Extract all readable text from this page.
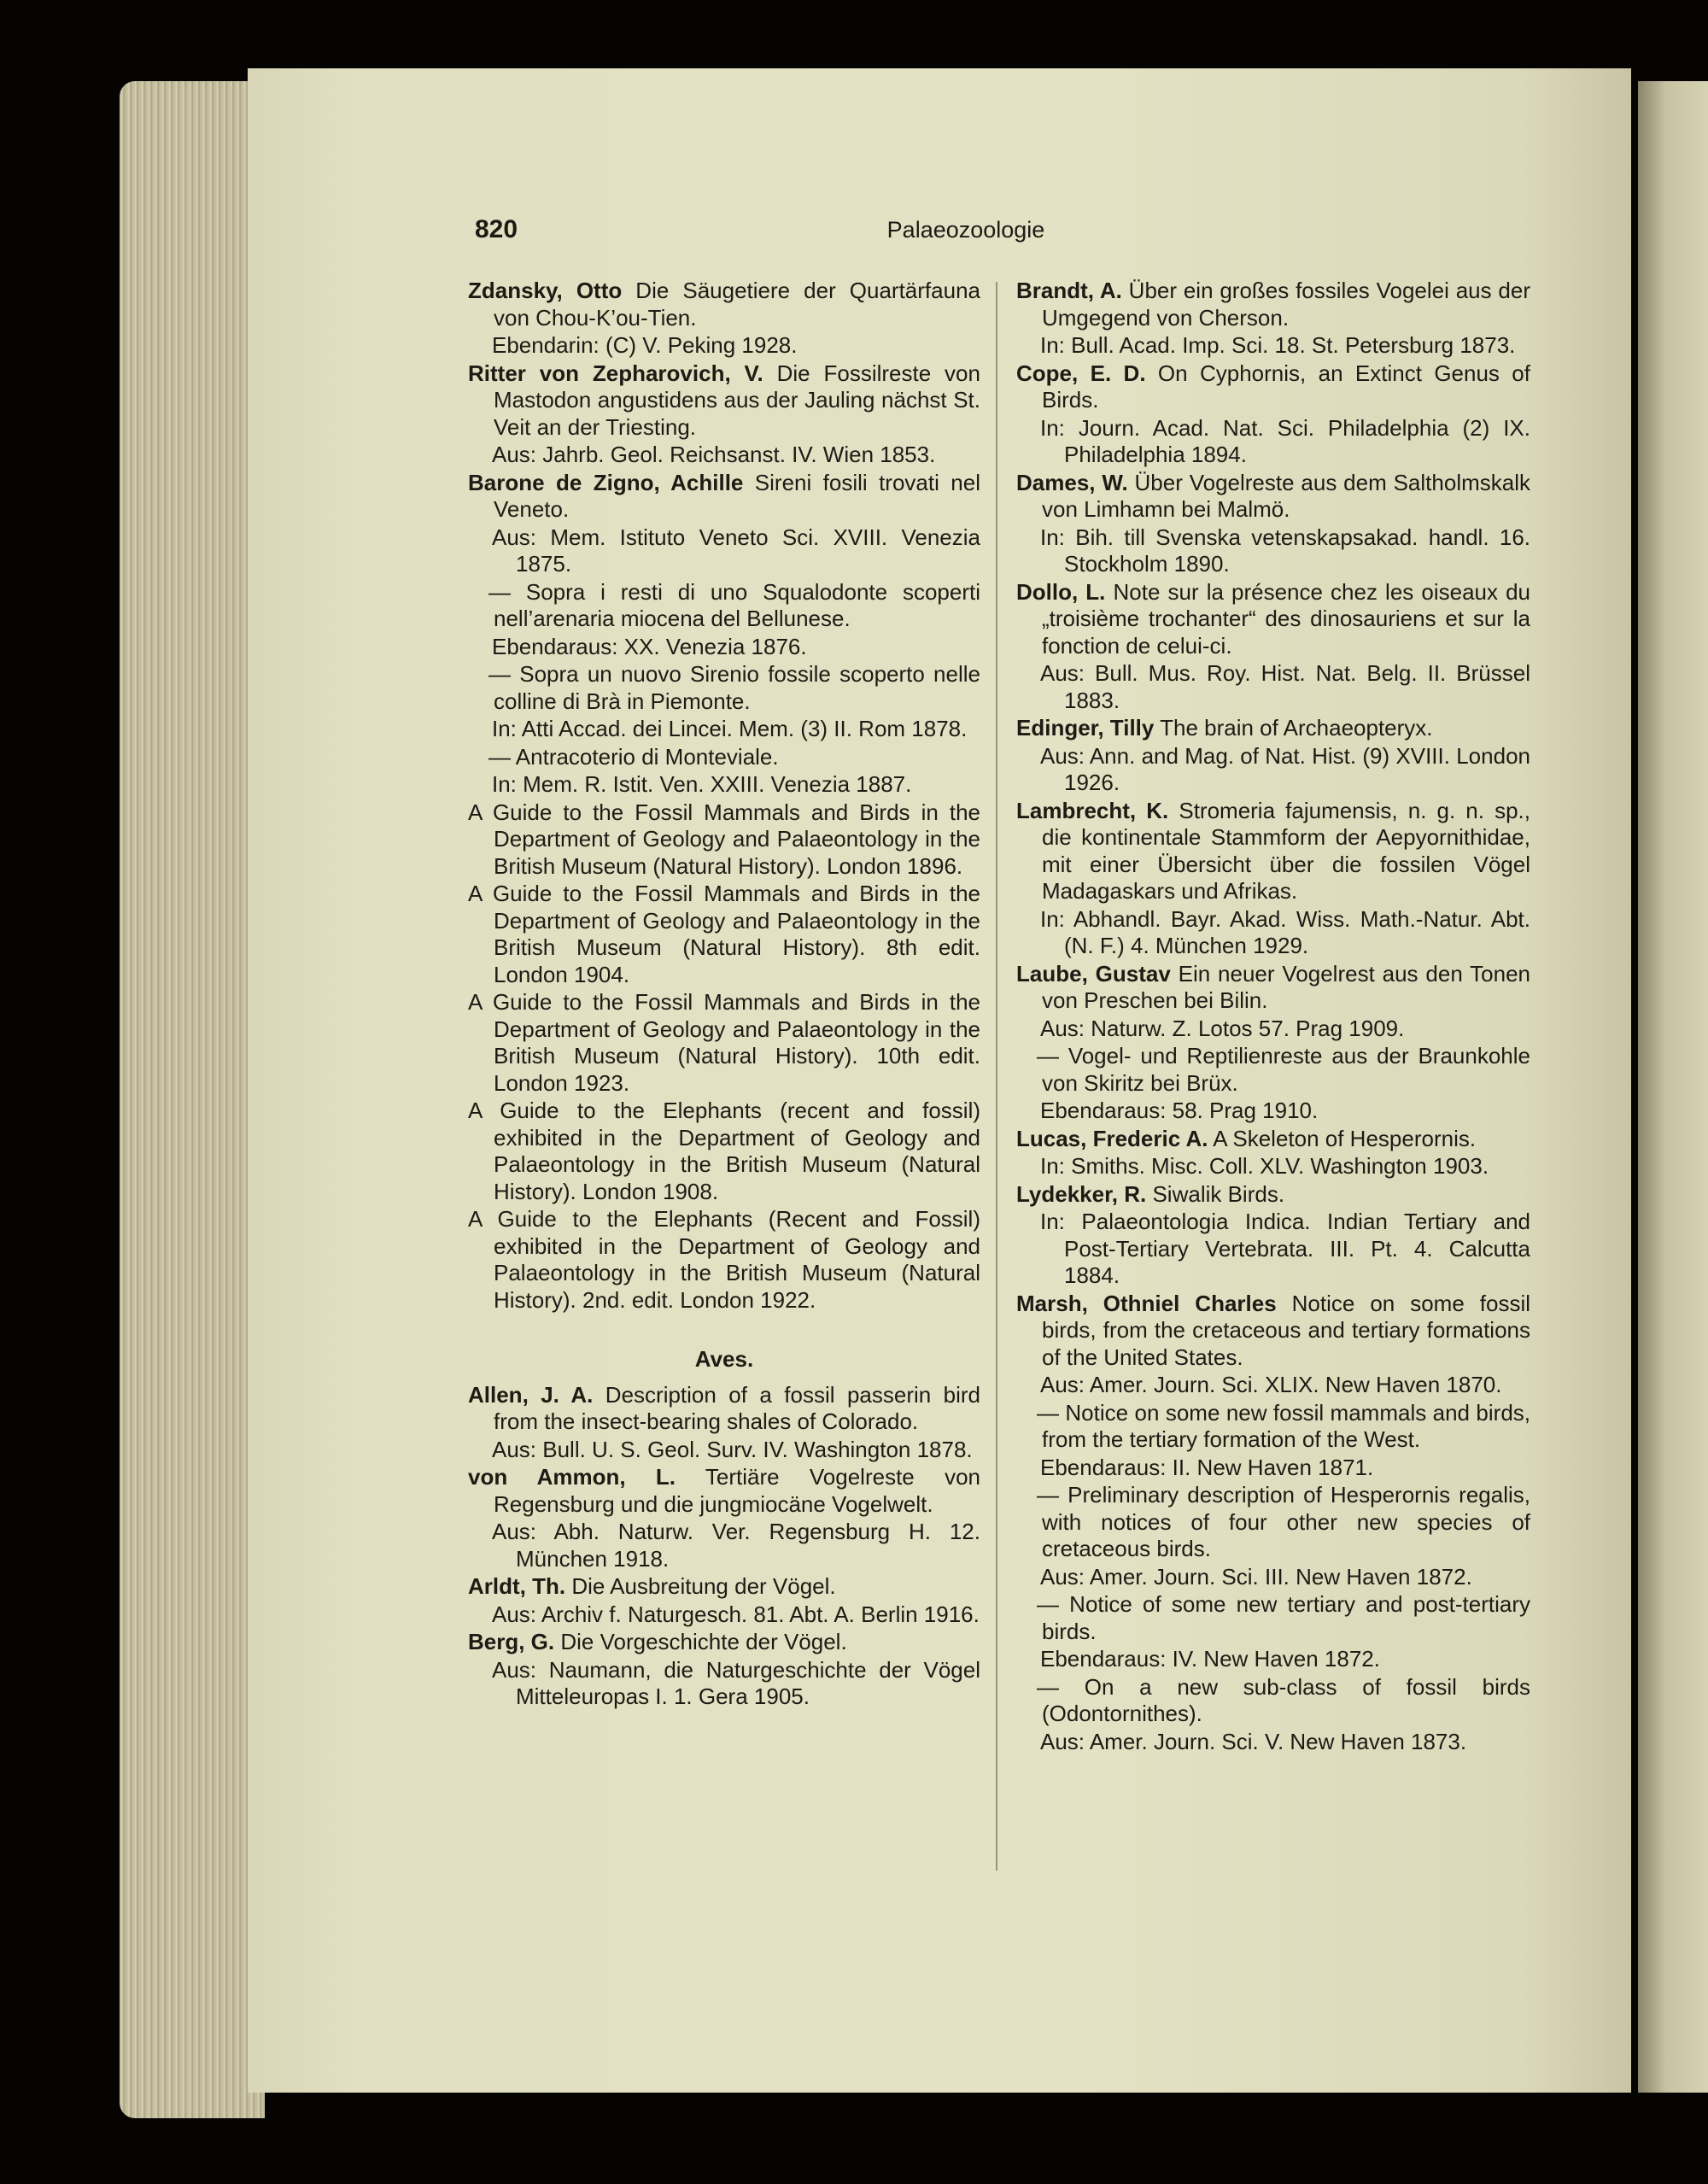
820	Palaeozoologie
Zdansky, Otto Die Säugetiere der Quartärfauna von Chou-K’ou-Tien.
Ebendarin: (C) V. Peking 1928.
Ritter von Zepharovich, V. Die Fossilreste von Mastodon angustidens aus der Jauling nächst St. Veit an der Triesting.
Aus: Jahrb. Geol. Reichsanst. IV. Wien 1853.
Barone de Zigno, Achille Sireni fosili trovati nel Veneto.
Aus: Mem. Istituto Veneto Sci. XVIII. Venezia 1875.
— Sopra i resti di uno Squalodonte scoperti nell’arenaria miocena del Bellunese.
Ebendaraus: XX. Venezia 1876.
— Sopra un nuovo Sirenio fossile scoperto nelle colline di Brà in Piemonte.
In: Atti Accad. dei Lincei. Mem. (3) II. Rom 1878.
— Antracoterio di Monteviale.
In: Mem. R. Istit. Ven. XXIII. Venezia 1887.
A Guide to the Fossil Mammals and Birds in the Department of Geology and Palaeontology in the British Museum (Natural History). London 1896.
A Guide to the Fossil Mammals and Birds in the Department of Geology and Palaeontology in the British Museum (Natural History). 8th edit. London 1904.
A Guide to the Fossil Mammals and Birds in the Department of Geology and Palaeontology in the British Museum (Natural History). 10th edit. London 1923.
A Guide to the Elephants (recent and fossil) exhibited in the Department of Geology and Palaeontology in the British Museum (Natural History). London 1908.
A Guide to the Elephants (Recent and Fossil) exhibited in the Department of Geology and Palaeontology in the British Museum (Natural History). 2nd. edit. London 1922.
Aves.
Allen, J. A. Description of a fossil passerin bird from the insect-bearing shales of Colorado.
Aus: Bull. U. S. Geol. Surv. IV. Washington 1878.
von Ammon, L. Tertiäre Vogelreste von Regensburg und die jungmiocäne Vogelwelt.
Aus: Abh. Naturw. Ver. Regensburg H. 12. München 1918.
Arldt, Th. Die Ausbreitung der Vögel.
Aus: Archiv f. Naturgesch. 81. Abt. A. Berlin 1916.
Berg, G. Die Vorgeschichte der Vögel.
Aus: Naumann, die Naturgeschichte der Vögel Mitteleuropas I. 1. Gera 1905.
Brandt, A. Über ein großes fossiles Vogelei aus der Umgegend von Cherson.
In: Bull. Acad. Imp. Sci. 18. St. Petersburg 1873.
Cope, E. D. On Cyphornis, an Extinct Genus of Birds.
In: Journ. Acad. Nat. Sci. Philadelphia (2) IX. Philadelphia 1894.
Dames, W. Über Vogelreste aus dem Saltholmskalk von Limhamn bei Malmö.
In: Bih. till Svenska vetenskapsakad. handl. 16. Stockholm 1890.
Dollo, L. Note sur la présence chez les oiseaux du „troisième trochanter“ des dinosauriens et sur la fonction de celui-ci.
Aus: Bull. Mus. Roy. Hist. Nat. Belg. II. Brüssel 1883.
Edinger, Tilly The brain of Archaeopteryx.
Aus: Ann. and Mag. of Nat. Hist. (9) XVIII. London 1926.
Lambrecht, K. Stromeria fajumensis, n. g. n. sp., die kontinentale Stammform der Aepyornithidae, mit einer Übersicht über die fossilen Vögel Madagaskars und Afrikas.
In: Abhandl. Bayr. Akad. Wiss. Math.-Natur. Abt. (N. F.) 4. München 1929.
Laube, Gustav Ein neuer Vogelrest aus den Tonen von Preschen bei Bilin.
Aus: Naturw. Z. Lotos 57. Prag 1909.
— Vogel- und Reptilienreste aus der Braunkohle von Skiritz bei Brüx.
Ebendaraus: 58. Prag 1910.
Lucas, Frederic A. A Skeleton of Hesperornis.
In: Smiths. Misc. Coll. XLV. Washington 1903.
Lydekker, R. Siwalik Birds.
In: Palaeontologia Indica. Indian Tertiary and Post-Tertiary Vertebrata. III. Pt. 4. Calcutta 1884.
Marsh, Othniel Charles Notice on some fossil birds, from the cretaceous and tertiary formations of the United States.
Aus: Amer. Journ. Sci. XLIX. New Haven 1870.
— Notice on some new fossil mammals and birds, from the tertiary formation of the West.
Ebendaraus: II. New Haven 1871.
— Preliminary description of Hesperornis regalis, with notices of four other new species of cretaceous birds.
Aus: Amer. Journ. Sci. III. New Haven 1872.
— Notice of some new tertiary and post-tertiary birds.
Ebendaraus: IV. New Haven 1872.
— On a new sub-class of fossil birds (Odontornithes).
Aus: Amer. Journ. Sci. V. New Haven 1873.
